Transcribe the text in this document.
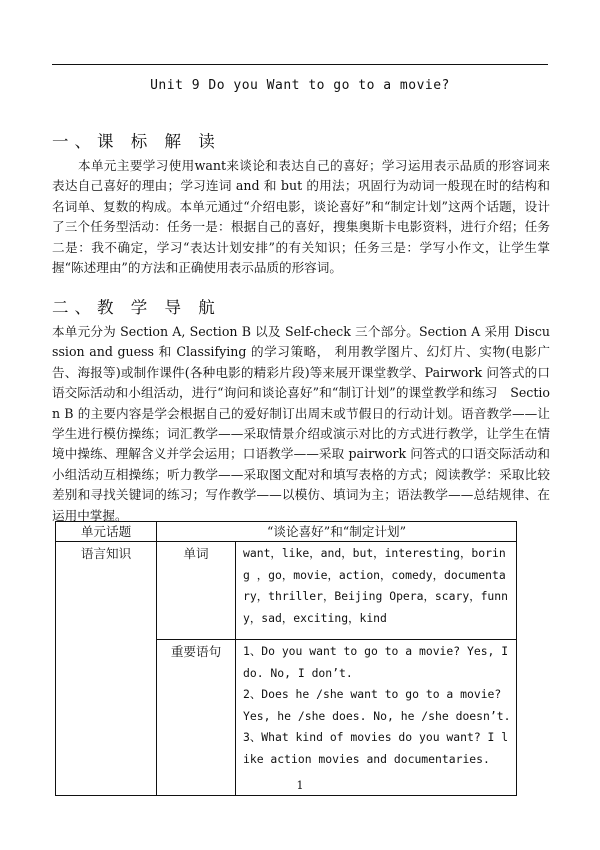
Unit 9 Do you Want to go to a movie?
一、课 标 解 读

本单元主要学习使用want来谈论和表达自己的喜好；学习运用表示品质的形容词来表达自己喜好的理由；学习连词 and 和 but 的用法；巩固行为动词一般现在时的结构和名词单、复数的构成。本单元通过“介绍电影，谈论喜好”和“制定计划”这两个话题，设计了三个任务型活动：任务一是：根据自己的喜好，搜集奥斯卡电影资料，进行介绍；任务二是：我不确定，学习“表达计划安排”的有关知识；任务三是：学写小作文，让学生掌握“陈述理由”的方法和正确使用表示品质的形容词。

二、教 学 导 航

本单元分为 Section A, Section B 以及 Self-check 三个部分。Section A 采用 Discussion and guess 和 Classifying 的学习策略， 利用教学图片、幻灯片、实物(电影广告、海报等)或制作课件(各种电影的精彩片段)等来展开课堂教学、Pairwork 问答式的口语交际活动和小组活动，进行“询问和谈论喜好”和“制订计划”的课堂教学和练习　Section B 的主要内容是学会根据自己的爱好制订出周末或节假日的行动计划。语音教学——让学生进行模仿操练；词汇教学——采取情景介绍或演示对比的方式进行教学，让学生在情境中操练、理解含义并学会运用；口语教学——采取 pairwork 问答式的口语交际活动和小组活动互相操练；听力教学——采取图文配对和填写表格的方式；阅读教学：采取比较差别和寻找关键词的练习；写作教学——以模仿、填词为主；语法教学——总结规律、在运用中掌握。

单元话题	“谈论喜好”和“制定计划”	
语言知识	单词	want，like，and，but，interesting，boring ，go，movie，action，comedy，documentary，thriller，Beijing Opera，scary，funny，sad，exciting，kind
	重要语句	1、Do you want to go to a movie? Yes, I do. No, I don’t.
2、Does he /she want to go to a movie? Yes, he /she does. No, he /she doesn’t.
3、What kind of movies do you want? I like action movies and documentaries.
1
